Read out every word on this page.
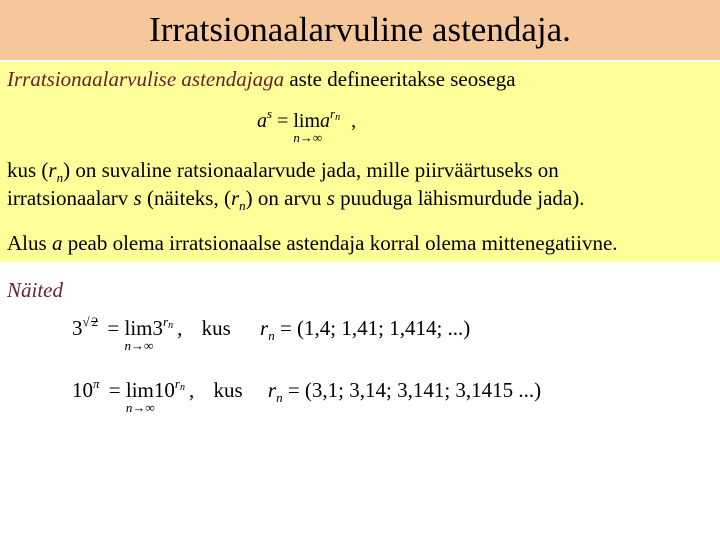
Irratsionaalarvuline astendaja.
Irratsionaalarvulise astendajaga aste defineeritakse seosega
$a^s = \lim$
n→∞
$a^{r_n}$ ,
kus $(r_n)$ on suvaline ratsionaalarvude jada, mille piirväärtuseks on
irratsionaalarv s (näiteks, $(r_n)$ on arvu s puuduga lähismurdude jada).
Alus a peab olema irratsionaalse astendaja korral olema mittenegatiivne.
Näited
$3^{√ 2} = \lim$
n→∞
$3^{r_n}$ , kus $r_n = (1,4$; 1,41; 1,414; ...)
$10^\pi = \lim$
n→∞
$10^{r_n}$ , kus $r_n = (3,1$; 3,14; 3,141; 3,1415 ...)
